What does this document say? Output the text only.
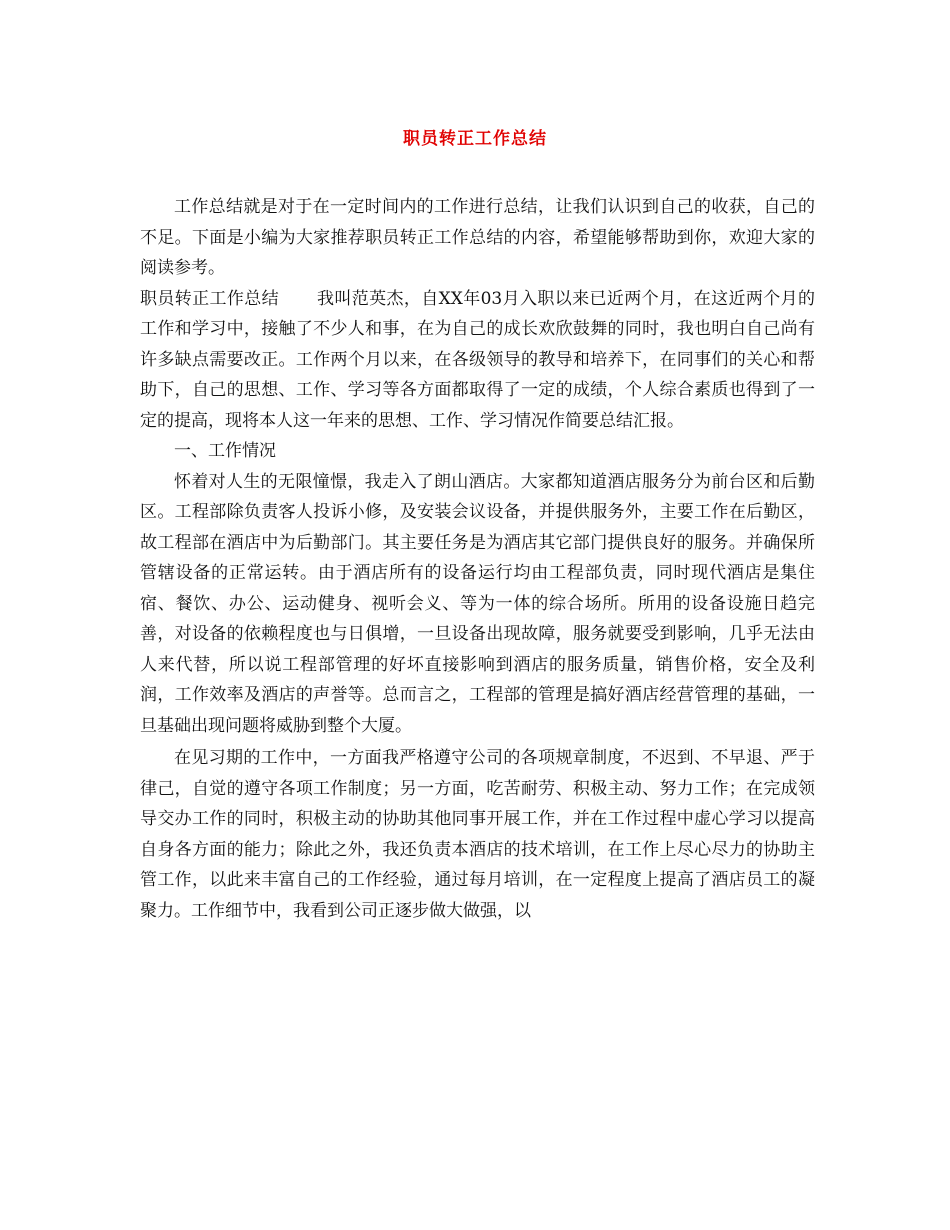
职员转正工作总结

工作总结就是对于在一定时间内的工作进行总结，让我们认识到自己的收获，自己的不足。下面是小编为大家推荐职员转正工作总结的内容，希望能够帮助到你，欢迎大家的阅读参考。

职员转正工作总结 我叫范英杰，自XX年03月入职以来已近两个月，在这近两个月的工作和学习中，接触了不少人和事，在为自己的成长欢欣鼓舞的同时，我也明白自己尚有许多缺点需要改正。工作两个月以来，在各级领导的教导和培养下，在同事们的关心和帮助下，自己的思想、工作、学习等各方面都取得了一定的成绩，个人综合素质也得到了一定的提高，现将本人这一年来的思想、工作、学习情况作简要总结汇报。

一、工作情况

怀着对人生的无限憧憬，我走入了朗山酒店。大家都知道酒店服务分为前台区和后勤区。工程部除负责客人投诉小修，及安装会议设备，并提供服务外，主要工作在后勤区，故工程部在酒店中为后勤部门。其主要任务是为酒店其它部门提供良好的服务。并确保所管辖设备的正常运转。由于酒店所有的设备运行均由工程部负责，同时现代酒店是集住宿、餐饮、办公、运动健身、视听会义、等为一体的综合场所。所用的设备设施日趋完善，对设备的依赖程度也与日俱增，一旦设备出现故障，服务就要受到影响，几乎无法由人来代替，所以说工程部管理的好坏直接影响到酒店的服务质量，销售价格，安全及利润，工作效率及酒店的声誉等。总而言之，工程部的管理是搞好酒店经营管理的基础，一旦基础出现问题将威胁到整个大厦。

在见习期的工作中，一方面我严格遵守公司的各项规章制度，不迟到、不早退、严于律己，自觉的遵守各项工作制度；另一方面，吃苦耐劳、积极主动、努力工作；在完成领导交办工作的同时，积极主动的协助其他同事开展工作，并在工作过程中虚心学习以提高自身各方面的能力；除此之外，我还负责本酒店的技术培训，在工作上尽心尽力的协助主管工作，以此来丰富自己的工作经验，通过每月培训，在一定程度上提高了酒店员工的凝聚力。工作细节中，我看到公司正逐步做大做强，以
